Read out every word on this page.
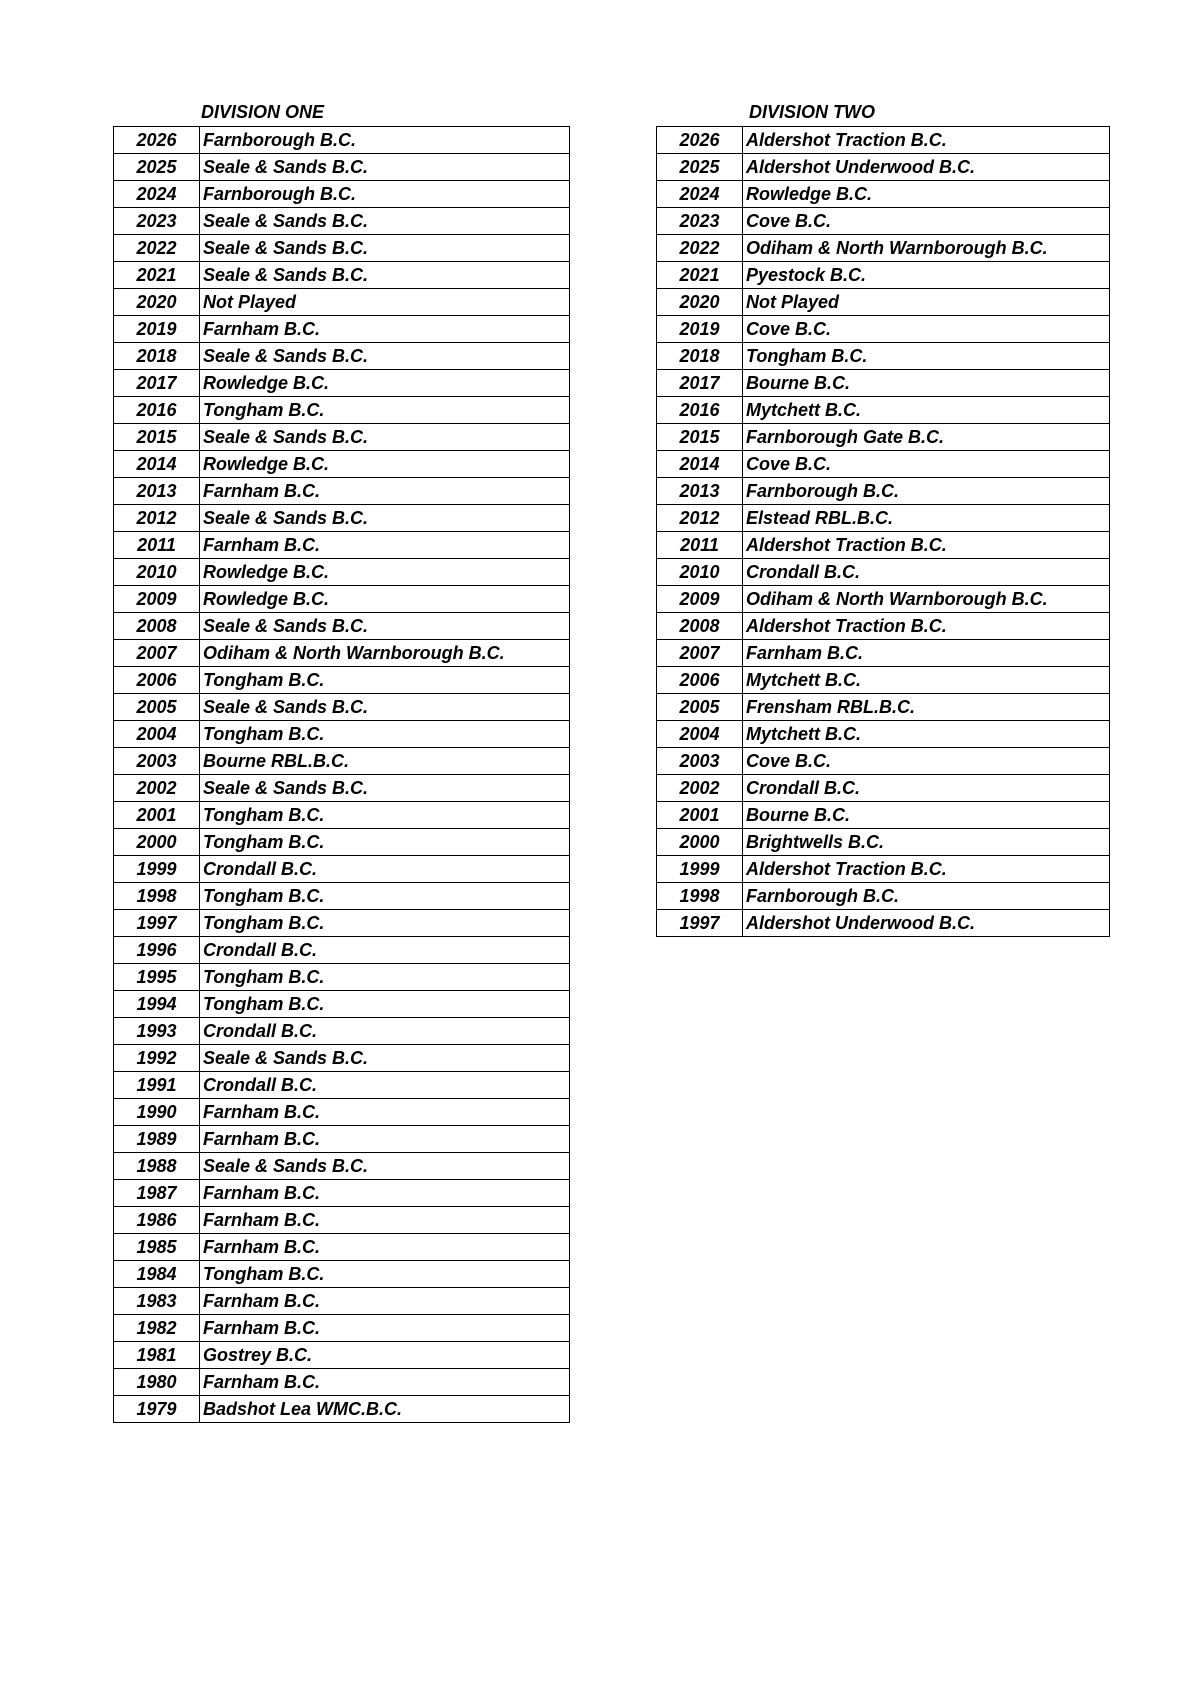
DIVISION ONE
2026	Farnborough B.C.
2025	Seale & Sands B.C.
2024	Farnborough B.C.
2023	Seale & Sands B.C.
2022	Seale & Sands B.C.
2021	Seale & Sands B.C.
2020	Not Played
2019	Farnham B.C.
2018	Seale & Sands B.C.
2017	Rowledge B.C.
2016	Tongham B.C.
2015	Seale & Sands B.C.
2014	Rowledge B.C.
2013	Farnham B.C.
2012	Seale & Sands B.C.
2011	Farnham B.C.
2010	Rowledge B.C.
2009	Rowledge B.C.
2008	Seale & Sands B.C.
2007	Odiham & North Warnborough B.C.
2006	Tongham B.C.
2005	Seale & Sands B.C.
2004	Tongham B.C.
2003	Bourne RBL.B.C.
2002	Seale & Sands B.C.
2001	Tongham B.C.
2000	Tongham B.C.
1999	Crondall B.C.
1998	Tongham B.C.
1997	Tongham B.C.
1996	Crondall B.C.
1995	Tongham B.C.
1994	Tongham B.C.
1993	Crondall B.C.
1992	Seale & Sands B.C.
1991	Crondall B.C.
1990	Farnham B.C.
1989	Farnham B.C.
1988	Seale & Sands B.C.
1987	Farnham B.C.
1986	Farnham B.C.
1985	Farnham B.C.
1984	Tongham B.C.
1983	Farnham B.C.
1982	Farnham B.C.
1981	Gostrey B.C.
1980	Farnham B.C.
1979	Badshot Lea WMC.B.C.
DIVISION TWO
2026	Aldershot Traction B.C.
2025	Aldershot Underwood B.C.
2024	Rowledge B.C.
2023	Cove B.C.
2022	Odiham & North Warnborough B.C.
2021	Pyestock B.C.
2020	Not Played
2019	Cove B.C.
2018	Tongham B.C.
2017	Bourne B.C.
2016	Mytchett B.C.
2015	Farnborough Gate B.C.
2014	Cove B.C.
2013	Farnborough B.C.
2012	Elstead RBL.B.C.
2011	Aldershot Traction B.C.
2010	Crondall B.C.
2009	Odiham & North Warnborough B.C.
2008	Aldershot Traction B.C.
2007	Farnham B.C.
2006	Mytchett B.C.
2005	Frensham RBL.B.C.
2004	Mytchett B.C.
2003	Cove B.C.
2002	Crondall B.C.
2001	Bourne B.C.
2000	Brightwells B.C.
1999	Aldershot Traction B.C.
1998	Farnborough B.C.
1997	Aldershot Underwood B.C.
